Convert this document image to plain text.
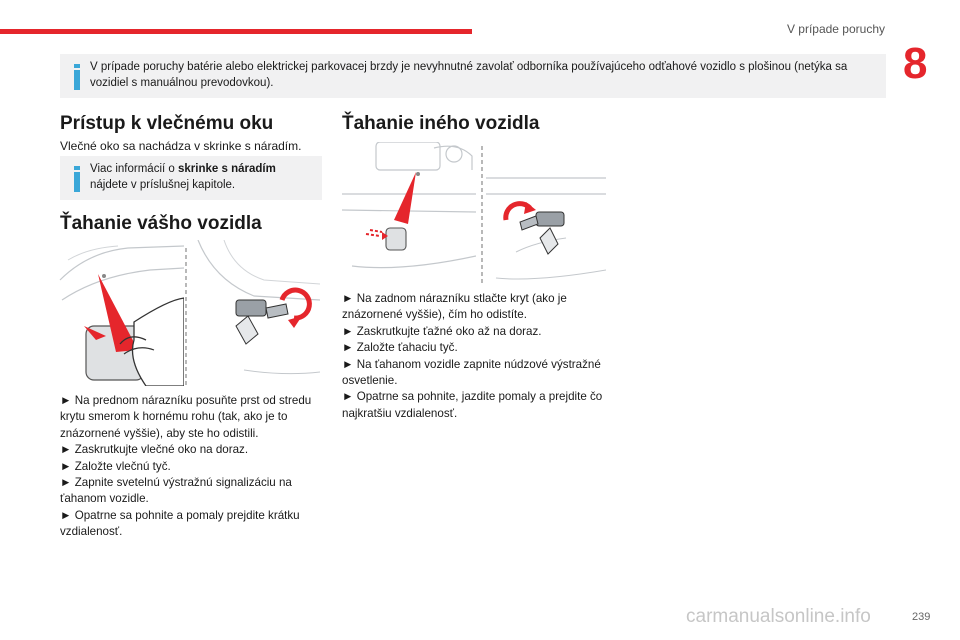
V prípade poruchy
8
V prípade poruchy batérie alebo elektrickej parkovacej brzdy je nevyhnutné zavolať odborníka používajúceho odťahové vozidlo s plošinou (netýka sa vozidiel s manuálnou prevodovkou).
Prístup k vlečnému oku
Vlečné oko sa nachádza v skrinke s náradím.
Viac informácií o skrinke s náradím
nájdete v príslušnej kapitole.
Ťahanie vášho vozidla

► Na prednom nárazníku posuňte prst od stredu krytu smerom k hornému rohu (tak, ako je to znázornené vyššie), aby ste ho odistili.

► Zaskrutkujte vlečné oko na doraz.

► Založte vlečnú tyč.

► Zapnite svetelnú výstražnú signalizáciu na ťahanom vozidle.

► Opatrne sa pohnite a pomaly prejdite krátku vzdialenosť.

Ťahanie iného vozidla

► Na zadnom nárazníku stlačte kryt (ako je znázornené vyššie), čím ho odistíte.

► Zaskrutkujte ťažné oko až na doraz.

► Založte ťahaciu tyč.

► Na ťahanom vozidle zapnite núdzové výstražné osvetlenie.

► Opatrne sa pohnite, jazdite pomaly a prejdite čo najkratšiu vzdialenosť.

carmanualsonline.info	239
